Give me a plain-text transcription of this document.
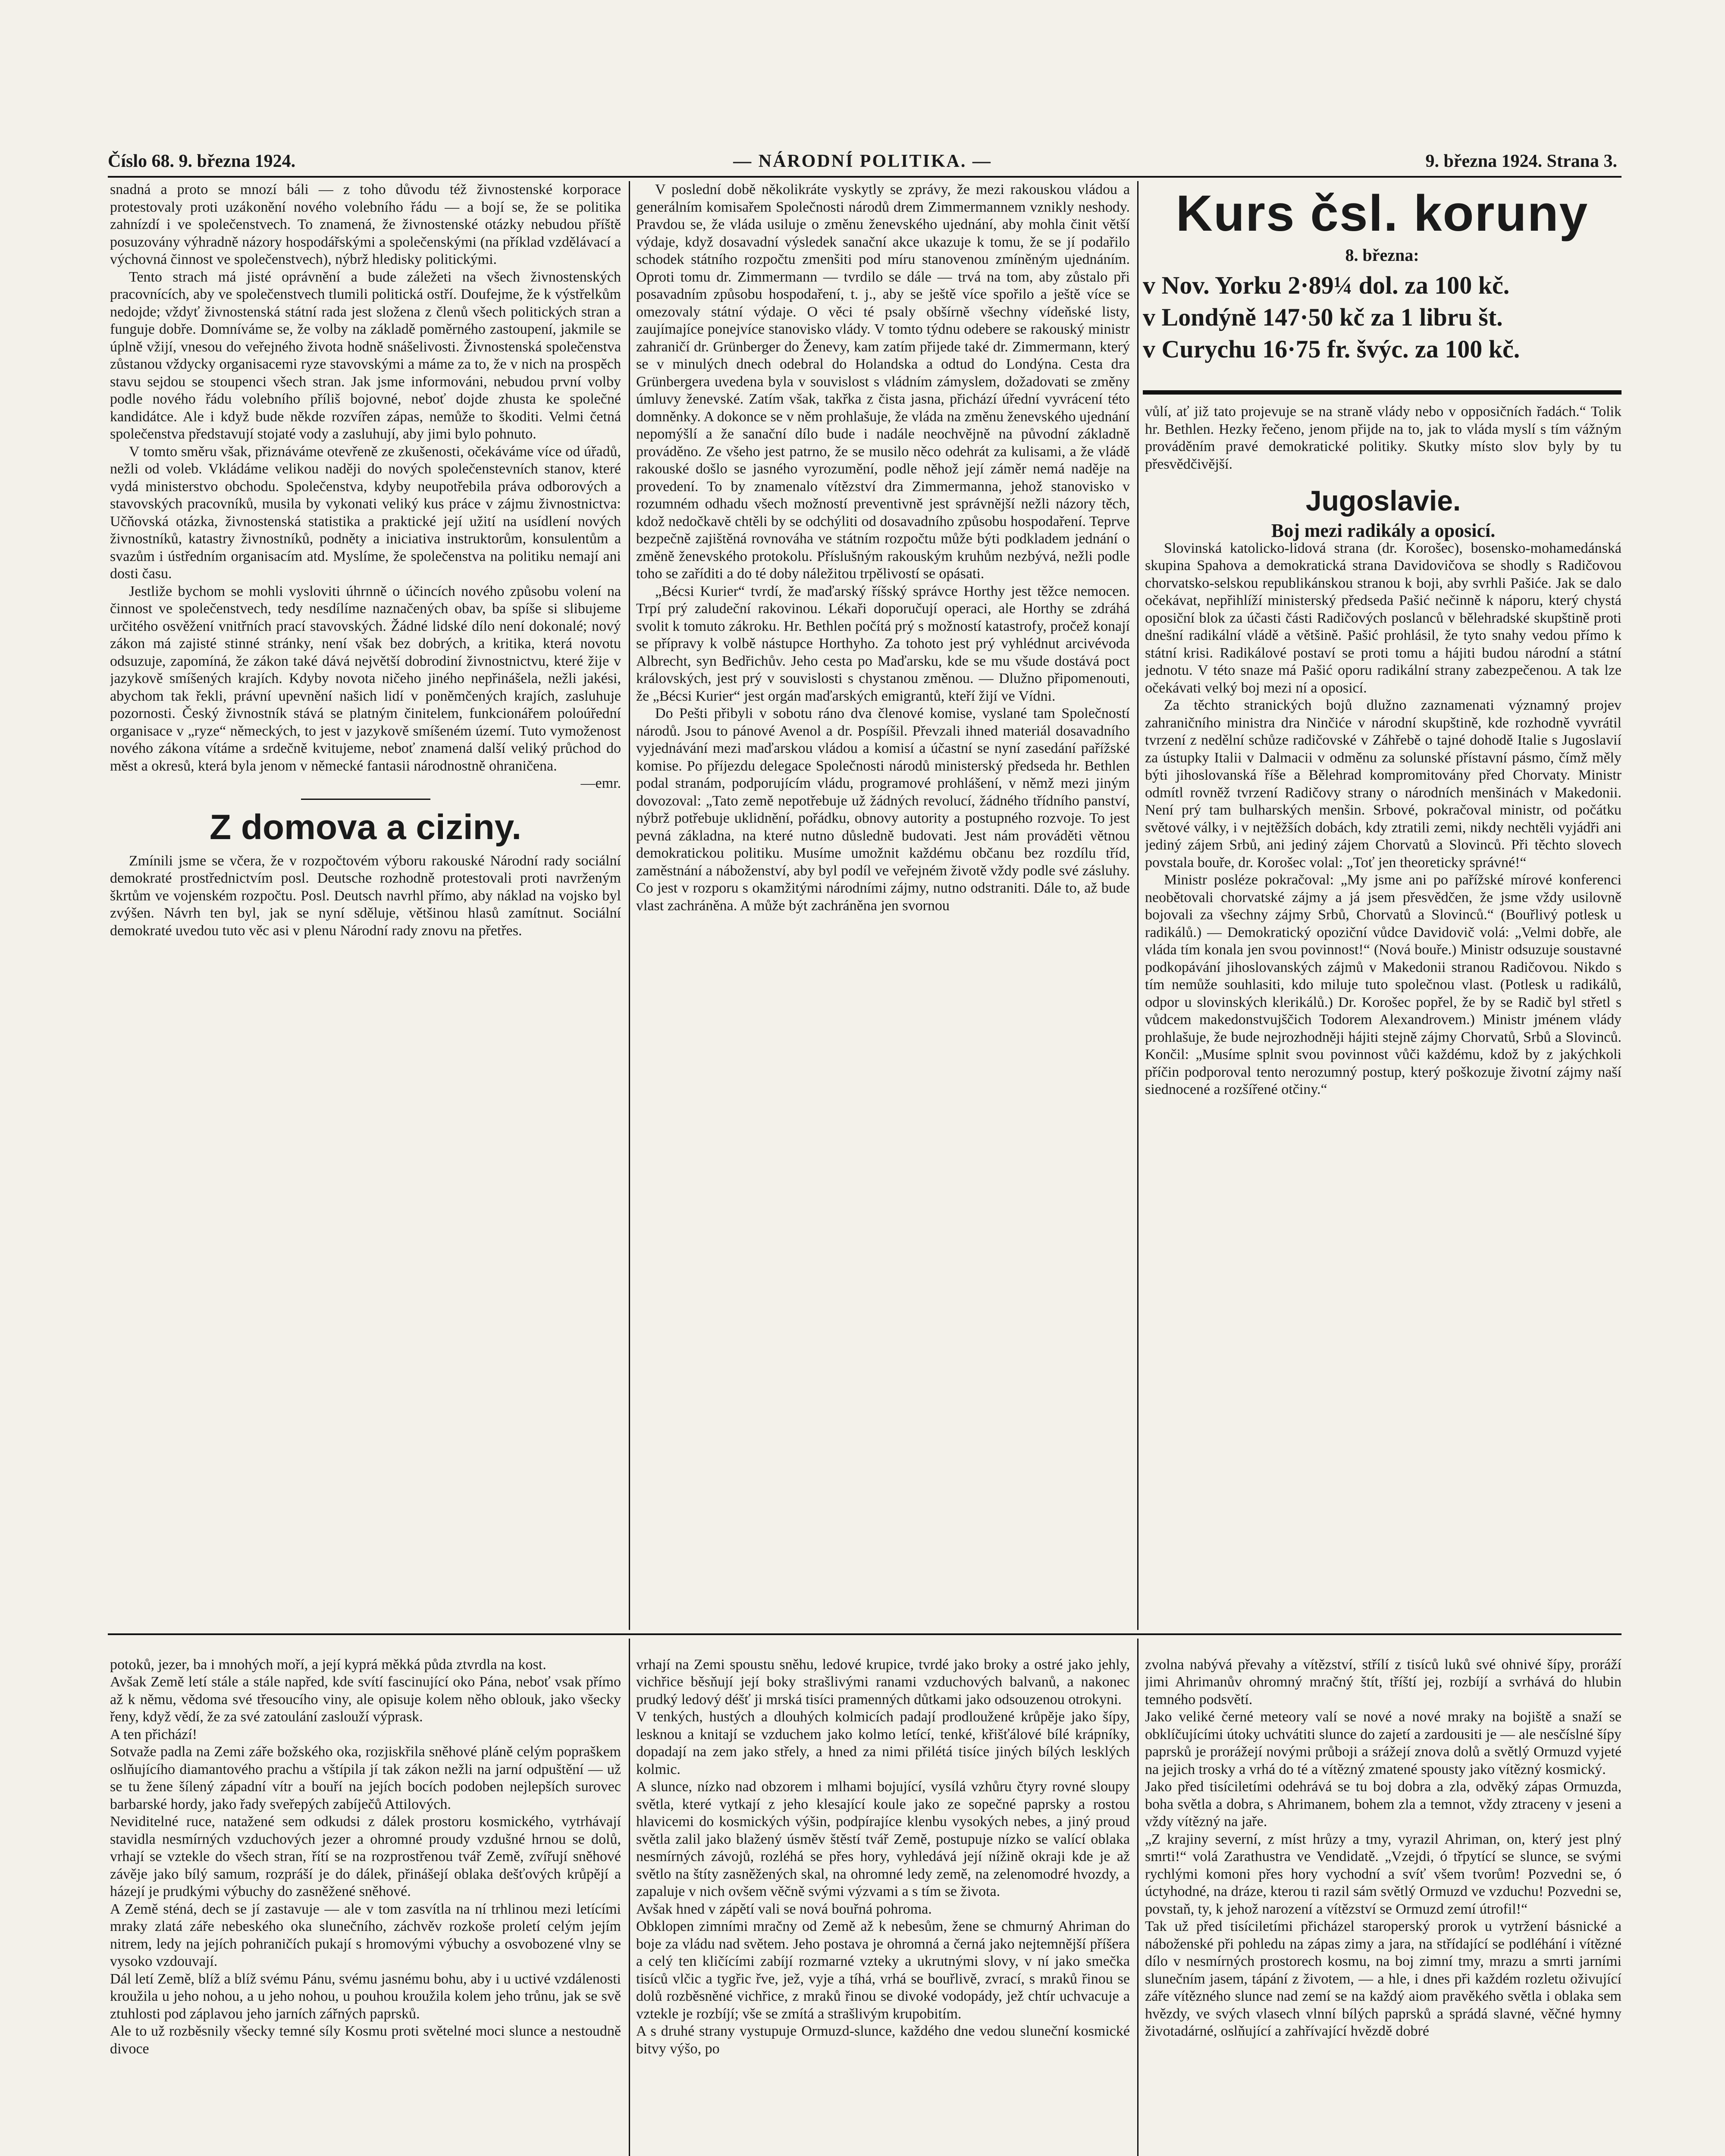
Číslo 68. 9. března 1924.	— NÁRODNÍ POLITIKA. —	9. března 1924. Strana 3.

snadná a proto se mnozí báli — z toho důvodu též živnostenské korporace protestovaly proti uzákonění nového volebního řádu — a bojí se, že se politika zahnízdí i ve společenstvech. To znamená, že živnostenské otázky nebudou příště posuzovány výhradně názory hospodářskými a společenskými (na příklad vzdělávací a výchovná činnost ve společenstvech), nýbrž hledisky politickými.

Tento strach má jisté oprávnění a bude záležeti na všech živnostenských pracovnících, aby ve společenstvech tlumili politická ostří. Doufejme, že k výstřelkům nedojde; vždyť živnostenská státní rada jest složena z členů všech politických stran a funguje dobře. Domníváme se, že volby na základě poměrného zastoupení, jakmile se úplně vžijí, vnesou do veřejného života hodně snášelivosti. Živnostenská společenstva zůstanou vždycky organisacemi ryze stavovskými a máme za to, že v nich na prospěch stavu sejdou se stoupenci všech stran. Jak jsme informováni, nebudou první volby podle nového řádu volebního příliš bojovné, neboť dojde zhusta ke společné kandidátce. Ale i když bude někde rozvířen zápas, nemůže to škoditi. Velmi četná společenstva představují stojaté vody a zasluhují, aby jimi bylo pohnuto.

V tomto směru však, přiznáváme otevřeně ze zkušenosti, očekáváme více od úřadů, nežli od voleb. Vkládáme velikou naději do nových společenstevních stanov, které vydá ministerstvo obchodu. Společenstva, kdyby neupotřebila práva odborových a stavovských pracovníků, musila by vykonati veliký kus práce v zájmu živnostnictva: Učňovská otázka, živnostenská statistika a praktické její užití na usídlení nových živnostníků, katastry živnostníků, podněty a iniciativa instruktorům, konsulentům a svazům i ústředním organisacím atd. Myslíme, že společenstva na politiku nemají ani dosti času.

Jestliže bychom se mohli vysloviti úhrnně o účincích nového způsobu volení na činnost ve společenstvech, tedy nesdílíme naznačených obav, ba spíše si slibujeme určitého osvěžení vnitřních prací stavovských. Žádné lidské dílo není dokonalé; nový zákon má zajisté stinné stránky, není však bez dobrých, a kritika, která novotu odsuzuje, zapomíná, že zákon také dává největší dobrodiní živnostnictvu, které žije v jazykově smíšených krajích. Kdyby novota ničeho jiného nepřinášela, nežli jakési, abychom tak řekli, právní upevnění našich lidí v poněmčených krajích, zasluhuje pozornosti. Český živnostník stává se platným činitelem, funkcionářem poloúřední organisace v „ryze“ německých, to jest v jazykově smíšeném území. Tuto vymoženost nového zákona vítáme a srdečně kvitujeme, neboť znamená další veliký průchod do měst a okresů, která byla jenom v německé fantasii národnostně ohraničena.

—emr.

Z domova a ciziny.

Zmínili jsme se včera, že v rozpočtovém výboru rakouské Národní rady sociální demokraté prostřednictvím posl. Deutsche rozhodně protestovali proti navrženým škrtům ve vojenském rozpočtu. Posl. Deutsch navrhl přímo, aby náklad na vojsko byl zvýšen. Návrh ten byl, jak se nyní sděluje, většinou hlasů zamítnut. Sociální demokraté uvedou tuto věc asi v plenu Národní rady znovu na přetřes.

V poslední době několikráte vyskytly se zprávy, že mezi rakouskou vládou a generálním komisařem Společnosti národů drem Zimmermannem vznikly neshody. Pravdou se, že vláda usiluje o změnu ženevského ujednání, aby mohla činit větší výdaje, když dosavadní výsledek sanační akce ukazuje k tomu, že se jí podařilo schodek státního rozpočtu zmenšiti pod míru stanovenou zmíněným ujednáním. Oproti tomu dr. Zimmermann — tvrdilo se dále — trvá na tom, aby zůstalo při posavadním způsobu hospodaření, t. j., aby se ještě více spořilo a ještě více se omezovaly státní výdaje. O věci té psaly obšírně všechny vídeňské listy, zaujímajíce ponejvíce stanovisko vlády. V tomto týdnu odebere se rakouský ministr zahraničí dr. Grünberger do Ženevy, kam zatím přijede také dr. Zimmermann, který se v minulých dnech odebral do Holandska a odtud do Londýna. Cesta dra Grünbergera uvedena byla v souvislost s vládním zámyslem, dožadovati se změny úmluvy ženevské. Zatím však, takřka z čista jasna, přichází úřední vyvrácení této domněnky. A dokonce se v něm prohlašuje, že vláda na změnu ženevského ujednání nepomýšlí a že sanační dílo bude i nadále neochvějně na původní základně prováděno. Ze všeho jest patrno, že se musilo něco odehrát za kulisami, a že vládě rakouské došlo se jasného vyrozumění, podle něhož její záměr nemá naděje na provedení. To by znamenalo vítězství dra Zimmermanna, jehož stanovisko v rozumném odhadu všech možností preventivně jest správnější nežli názory těch, kdož nedočkavě chtěli by se odchýliti od dosavadního způsobu hospodaření. Teprve bezpečně zajištěná rovnováha ve státním rozpočtu může býti podkladem jednání o změně ženevského protokolu. Příslušným rakouským kruhům nezbývá, nežli podle toho se zaříditi a do té doby náležitou trpělivostí se opásati.

„Bécsi Kurier“ tvrdí, že maďarský říšský správce Horthy jest těžce nemocen. Trpí prý zaludeční rakovinou. Lékaři doporučují operaci, ale Horthy se zdráhá svolit k tomuto zákroku. Hr. Bethlen počítá prý s možností katastrofy, pročež konají se přípravy k volbě nástupce Horthyho. Za tohoto jest prý vyhlédnut arcivévoda Albrecht, syn Bedřichův. Jeho cesta po Maďarsku, kde se mu všude dostává poct královských, jest prý v souvislosti s chystanou změnou. — Dlužno připomenouti, že „Bécsi Kurier“ jest orgán maďarských emigrantů, kteří žijí ve Vídni.

Do Pešti přibyli v sobotu ráno dva členové komise, vyslané tam Společností národů. Jsou to pánové Avenol a dr. Pospíšil. Převzali ihned materiál dosavadního vyjednávání mezi maďarskou vládou a komisí a účastní se nyní zasedání pařížské komise. Po příjezdu delegace Společnosti národů ministerský předseda hr. Bethlen podal stranám, podporujícím vládu, programové prohlášení, v němž mezi jiným dovozoval: „Tato země nepotřebuje už žádných revolucí, žádného třídního panství, nýbrž potřebuje uklidnění, pořádku, obnovy autority a postupného rozvoje. To jest pevná základna, na které nutno důsledně budovati. Jest nám prováděti větnou demokratickou politiku. Musíme umožnit každému občanu bez rozdílu tříd, zaměstnání a náboženství, aby byl podíl ve veřejném životě vždy podle své zásluhy. Co jest v rozporu s okamžitými národními zájmy, nutno odstraniti. Dále to, až bude vlast zachráněna. A může být zachráněna jen svornou

Kurs čsl. koruny
8. března:
v Nov. Yorku 2·89¼ dol. za 100 kč.
v Londýně 147·50 kč za 1 libru št.
v Curychu 16·75 fr. švýc. za 100 kč.

vůlí, ať již tato projevuje se na straně vlády nebo v opposičních řadách.“ Tolik hr. Bethlen. Hezky řečeno, jenom přijde na to, jak to vláda myslí s tím vážným prováděním pravé demokratické politiky. Skutky místo slov byly by tu přesvědčivější.

Jugoslavie.

Boj mezi radikály a oposicí.

Slovinská katolicko-lidová strana (dr. Korošec), bosensko-mohamedánská skupina Spahova a demokratická strana Davidovičova se shodly s Radičovou chorvatsko-selskou republikánskou stranou k boji, aby svrhli Pašiće. Jak se dalo očekávat, nepřihlíží ministerský předseda Pašić nečinně k náporu, který chystá oposiční blok za účasti části Radičových poslanců v bělehradské skupštině proti dnešní radikální vládě a většině. Pašić prohlásil, že tyto snahy vedou přímo k státní krisi. Radikálové postaví se proti tomu a hájiti budou národní a státní jednotu. V této snaze má Pašić oporu radikální strany zabezpečenou. A tak lze očekávati velký boj mezi ní a oposicí.

Za těchto stranických bojů dlužno zaznamenati významný projev zahraničního ministra dra Ninčiće v národní skupštině, kde rozhodně vyvrátil tvrzení z nedělní schůze radičovské v Záhřebě o tajné dohodě Italie s Jugoslavií za ústupky Italii v Dalmacii v odměnu za solunské přístavní pásmo, čímž měly býti jihoslovanská říše a Bělehrad kompromitovány před Chorvaty. Ministr odmítl rovněž tvrzení Radičovy strany o národních menšinách v Makedonii. Není prý tam bulharských menšin. Srbové, pokračoval ministr, od počátku světové války, i v nejtěžších dobách, kdy ztratili zemi, nikdy nechtěli vyjádři ani jediný zájem Srbů, ani jediný zájem Chorvatů a Slovinců. Při těchto slovech povstala bouře, dr. Korošec volal: „Toť jen theoreticky správné!“

Ministr posléze pokračoval: „My jsme ani po pařížské mírové konferenci neobětovali chorvatské zájmy a já jsem přesvědčen, že jsme vždy usilovně bojovali za všechny zájmy Srbů, Chorvatů a Slovinců.“ (Bouřlivý potlesk u radikálů.) — Demokratický opoziční vůdce Davidovič volá: „Velmi dobře, ale vláda tím konala jen svou povinnost!“ (Nová bouře.) Ministr odsuzuje soustavné podkopávání jihoslovanských zájmů v Makedonii stranou Radičovou. Nikdo s tím nemůže souhlasiti, kdo miluje tuto společnou vlast. (Potlesk u radikálů, odpor u slovinských klerikálů.) Dr. Korošec popřel, že by se Radič byl střetl s vůdcem makedonstvujščich Todorem Alexandrovem.) Ministr jménem vlády prohlašuje, že bude nejrozhodněji hájiti stejně zájmy Chorvatů, Srbů a Slovinců. Končil: „Musíme splnit svou povinnost vůči každému, kdož by z jakýchkoli příčin podporoval tento nerozumný postup, který poškozuje životní zájmy naší siednocené a rozšířené otčiny.“

potoků, jezer, ba i mnohých moří, a její kyprá měkká půda ztvrdla na kost.
Avšak Země letí stále a stále napřed, kde svítí fascinující oko Pána, neboť vsak přímo až k němu, vědoma své třesoucího viny, ale opisuje kolem něho oblouk, jako všecky řeny, když vědí, že za své zatoulání zaslouží výprask.
A ten přichází!
Sotvaže padla na Zemi záře božského oka, rozjiskřila sněhové pláně celým popraškem oslňujícího diamantového prachu a vštípila jí tak zákon nežli na jarní odpuštění — už se tu žene šílený západní vítr a bouří na jejích bocích podoben nejlepších surovec barbarské hordy, jako řady sveřepých zabíječů Attilových.
Neviditelné ruce, natažené sem odkudsi z dálek prostoru kosmického, vytrhávají stavidla nesmírných vzduchových jezer a ohromné proudy vzdušné hrnou se dolů, vrhají se vztekle do všech stran, řítí se na rozprostřenou tvář Země, zvířují sněhové závěje jako bílý samum, rozpráší je do dálek, přinášejí oblaka dešťových krůpějí a házejí je prudkými výbuchy do zasněžené sněhové.
A Země sténá, dech se jí zastavuje — ale v tom zasvítla na ní trhlinou mezi letícími mraky zlatá záře nebeského oka slunečního, záchvěv rozkoše proletí celým jejím nitrem, ledy na jejích pohraničích pukají s hromovými výbuchy a osvobozené vlny se vysoko vzdouvají.
Dál letí Země, blíž a blíž svému Pánu, svému jasnému bohu, aby i u uctivé vzdálenosti kroužila u jeho nohou, a u jeho nohou, u pouhou kroužila kolem jeho trůnu, jak se svě ztuhlosti pod záplavou jeho jarních zářných paprsků.
Ale to už rozběsnily všecky temné síly Kosmu proti světelné moci slunce a nestoudně divoce

vrhají na Zemi spoustu sněhu, ledové krupice, tvrdé jako broky a ostré jako jehly, vichřice běsňují její boky strašlivými ranami vzduchových balvanů, a nakonec prudký ledový déšť ji mrská tisíci pramenných důtkami jako odsouzenou otrokyni.
V tenkých, hustých a dlouhých kolmicích padají prodloužené krůpěje jako šípy, lesknou a knitají se vzduchem jako kolmo letící, tenké, křišťálové bílé krápníky, dopadají na zem jako střely, a hned za nimi přilétá tisíce jiných bílých lesklých kolmic.
A slunce, nízko nad obzorem i mlhami bojující, vysílá vzhůru čtyry rovné sloupy světla, které vytkají z jeho klesající koule jako ze sopečné paprsky a rostou hlavicemi do kosmických výšin, podpírajíce klenbu vysokých nebes, a jiný proud světla zalil jako blažený úsměv štěstí tvář Země, postupuje nízko se valící oblaka nesmírných závojů, rozléhá se přes hory, vyhledává její nížině okraji kde je až světlo na štíty zasněžených skal, na ohromné ledy země, na zelenomodré hvozdy, a zapaluje v nich ovšem věčně svými výzvami a s tím se života.
Avšak hned v zápětí vali se nová bouřná pohroma.
Obklopen zimními mračny od Země až k nebesům, žene se chmurný Ahriman do boje za vládu nad světem. Jeho postava je ohromná a černá jako nejtemnější příšera a celý ten kličícími zabíjí rozmarné vzteky a ukrutnými slovy, v ní jako smečka tisíců vlčic a tygřic řve, jež, vyje a tíhá, vrhá se bouřlivě, zvrací, s mraků řinou se dolů rozběsněné vichřice, z mraků řinou se divoké vodopády, jež chtír uchvacuje a vztekle je rozbíjí; vše se zmítá a strašlivým krupobitím.
A s druhé strany vystupuje Ormuzd-slunce, každého dne vedou sluneční kosmické bitvy výšo, po

zvolna nabývá převahy a vítězství, střílí z tisíců luků své ohnivé šípy, proráží jimi Ahrimanův ohromný mračný štít, tříští jej, rozbíjí a svrhává do hlubin temného podsvětí.
Jako veliké černé meteory valí se nové a nové mraky na bojiště a snaží se obklíčujícími útoky uchvátiti slunce do zajetí a zardousiti je — ale nesčíslné šípy paprsků je prorážejí novými průboji a srážejí znova dolů a světlý Ormuzd vyjeté na jejich trosky a vrhá do té a vítězný zmatené spousty jako vítězný kosmický.
Jako před tisíciletími odehrává se tu boj dobra a zla, odvěký zápas Ormuzda, boha světla a dobra, s Ahrimanem, bohem zla a temnot, vždy ztraceny v jeseni a vždy vítězný na jaře.
„Z krajiny severní, z míst hrůzy a tmy, vyrazil Ahriman, on, který jest plný smrti!“ volá Zarathustra ve Vendidatě. „Vzejdi, ó třpytící se slunce, se svými rychlými komoni přes hory vychodní a svíť všem tvorům! Pozvedni se, ó úctyhodné, na dráze, kterou ti razil sám světlý Ormuzd ve vzduchu! Pozvedni se, povstaň, ty, k jehož narození a vítězství se Ormuzd zemí útrofil!“
Tak už před tisíciletími přicházel staroperský prorok u vytržení básnické a náboženské při pohledu na zápas zimy a jara, na střídající se podléhání i vítězné dílo v nesmírných prostorech kosmu, na boj zimní tmy, mrazu a smrti jarními slunečním jasem, tápání z životem, — a hle, i dnes při každém rozletu oživující záře vítězného slunce nad zemí se na každý aiom pravěkého světla i oblaka sem hvězdy, ve svých vlasech vlnní bílých paprsků a sprádá slavné, věčné hymny životadárné, oslňující a zahřívající hvězdě dobré
